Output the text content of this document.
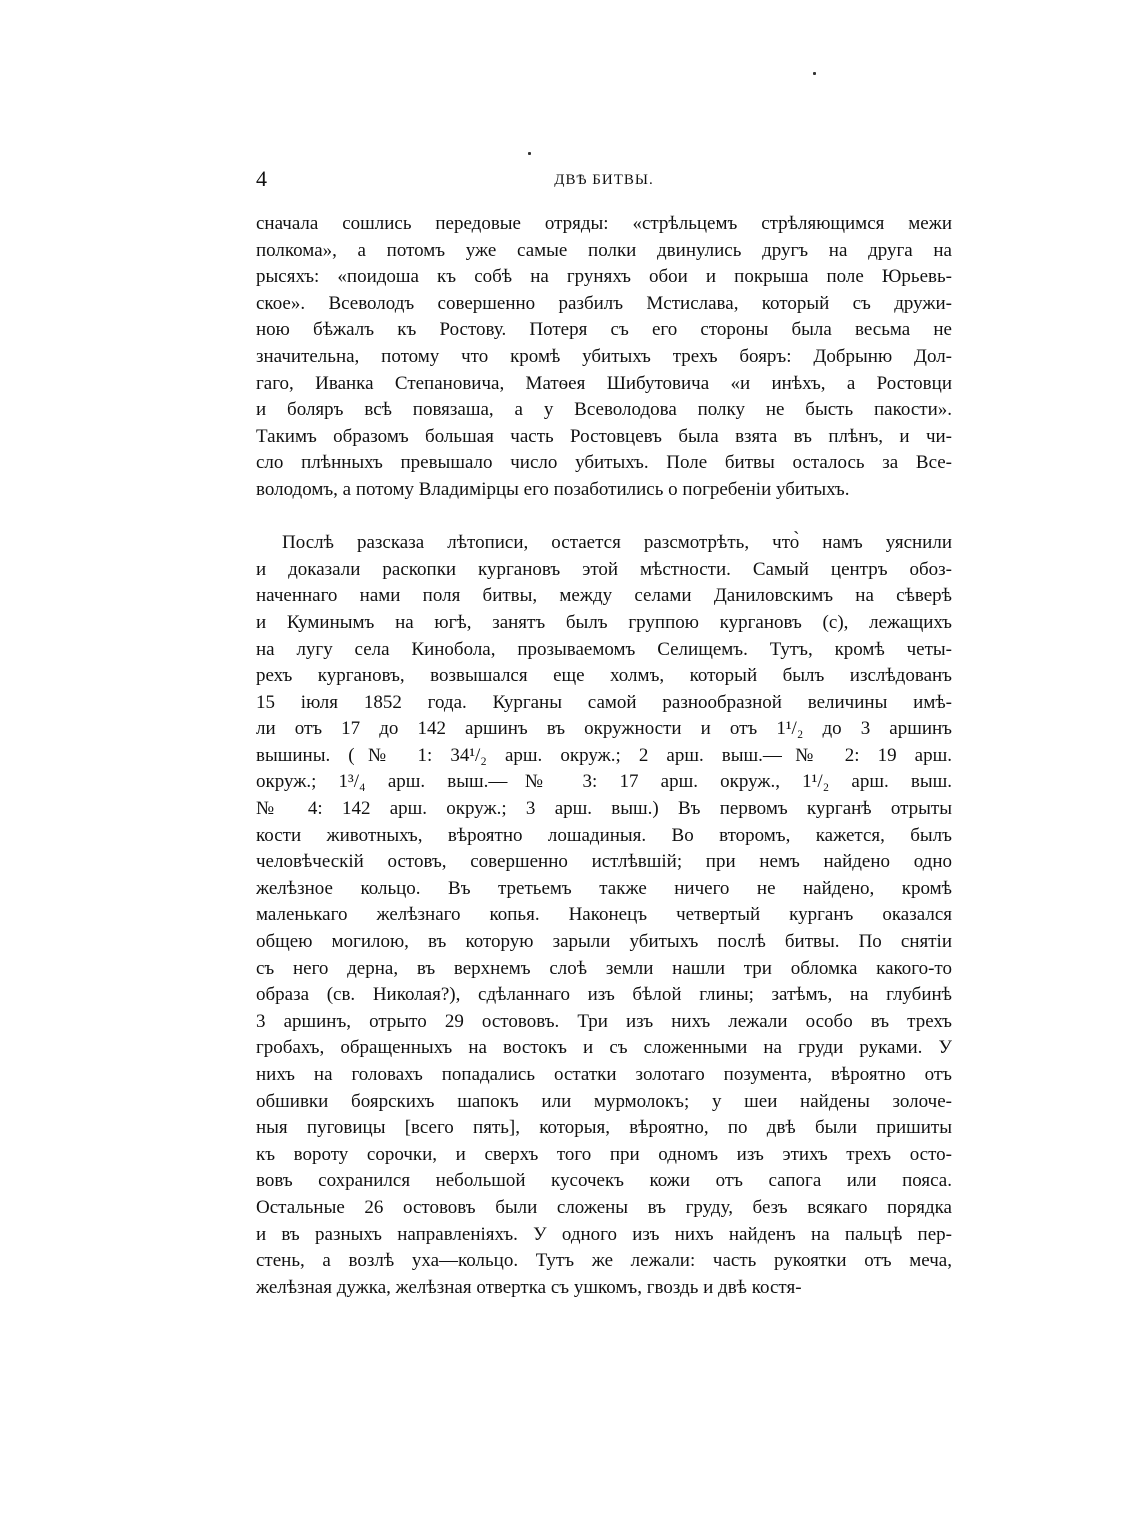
4	ДВѢ БИТВЫ.
сначала сошлись передовые отряды: «стрѣльцемъ стрѣляющимся межи
полкома», а потомъ уже самые полки двинулись другъ на друга на
рысяхъ: «поидоша къ собѣ на груняхъ обои и покрыша поле Юрьевь-
ское». Всеволодъ совершенно разбилъ Мстислава, который съ дружи-
ною бѣжалъ къ Ростову. Потеря съ его стороны была весьма не
значительна, потому что кромѣ убитыхъ трехъ бояръ: Добрыню Дол-
гаго, Иванка Степановича, Матѳея Шибутовича «и инѣхъ, а Ростовци
и боляръ всѣ повязаша, а у Всеволодова полку не бысть пакости».
Такимъ образомъ большая часть Ростовцевъ была взята въ плѣнъ, и чи-
сло плѣнныхъ превышало число убитыхъ. Поле битвы осталось за Все-
володомъ, а потому Владимірцы его позаботились о погребеніи убитыхъ.
Послѣ разсказа лѣтописи, остается разсмотрѣть, что̀ намъ уяснили
и доказали раскопки кургановъ этой мѣстности. Самый центръ обоз-
наченнаго нами поля битвы, между селами Даниловскимъ на сѣверѣ
и Куминымъ на югѣ, занятъ былъ группою кургановъ (с), лежащихъ
на лугу села Кинобола, прозываемомъ Селищемъ. Тутъ, кромѣ четы-
рехъ кургановъ, возвышался еще холмъ, который былъ изслѣдованъ
15 іюля 1852 года. Курганы самой разнообразной величины имѣ-
ли отъ 17 до 142 аршинъ въ окружности и отъ 1¹/₂ до 3 аршинъ
вышины. (№ 1: 34¹/₂ арш. окруж.; 2 арш. выш.—№ 2: 19 арш.
окруж.; 1³/₄ арш. выш.—№ 3: 17 арш. окруж., 1¹/₂ арш. выш.
№ 4: 142 арш. окруж.; 3 арш. выш.) Въ первомъ курганѣ отрыты
кости животныхъ, вѣроятно лошадиныя. Во второмъ, кажется, былъ
человѣческій остовъ, совершенно истлѣвшій; при немъ найдено одно
желѣзное кольцо. Въ третьемъ также ничего не найдено, кромѣ
маленькаго желѣзнаго копья. Наконецъ четвертый курганъ оказался
общею могилою, въ которую зарыли убитыхъ послѣ битвы. По снятіи
съ него дерна, въ верхнемъ слоѣ земли нашли три обломка какого-то
образа (св. Николая?), сдѣланнаго изъ бѣлой глины; затѣмъ, на глубинѣ
3 аршинъ, отрыто 29 остововъ. Три изъ нихъ лежали особо въ трехъ
гробахъ, обращенныхъ на востокъ и съ сложенными на груди руками. У
нихъ на головахъ попадались остатки золотаго позумента, вѣроятно отъ
обшивки боярскихъ шапокъ или мурмолокъ; у шеи найдены золоче-
ныя пуговицы [всего пять], которыя, вѣроятно, по двѣ были пришиты
къ вороту сорочки, и сверхъ того при одномъ изъ этихъ трехъ осто-
вовъ сохранился небольшой кусочекъ кожи отъ сапога или пояса.
Остальные 26 остововъ были сложены въ груду, безъ всякаго порядка
и въ разныхъ направленіяхъ. У одного изъ нихъ найденъ на пальцѣ пер-
стень, а возлѣ уха—кольцо. Тутъ же лежали: часть рукоятки отъ меча,
желѣзная дужка, желѣзная отвертка съ ушкомъ, гвоздь и двѣ костя-
